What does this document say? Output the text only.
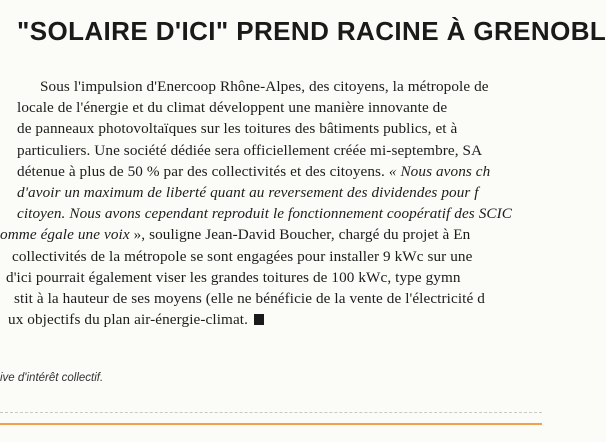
"SOLAIRE D'ICI" PREND RACINE À GRENOBL
Sous l'impulsion d'Enercoop Rhône-Alpes, des citoyens, la métropole de
locale de l'énergie et du climat développent une manière innovante de
de panneaux photovoltaïques sur les toitures des bâtiments publics, et à
particuliers. Une société dédiée sera officiellement créée mi-septembre, SA
détenue à plus de 50 % par des collectivités et des citoyens. « Nous avons ch
d'avoir un maximum de liberté quant au reversement des dividendes pour f
citoyen. Nous avons cependant reproduit le fonctionnement coopératif des SCIC
omme égale une voix », souligne Jean-David Boucher, chargé du projet à En
collectivités de la métropole se sont engagées pour installer 9 kWc sur une
d'ici pourrait également viser les grandes toitures de 100 kWc, type gymn
stit à la hauteur de ses moyens (elle ne bénéficie de la vente de l'électricité d
ux objectifs du plan air-énergie-climat.
ive d'intérêt collectif.
